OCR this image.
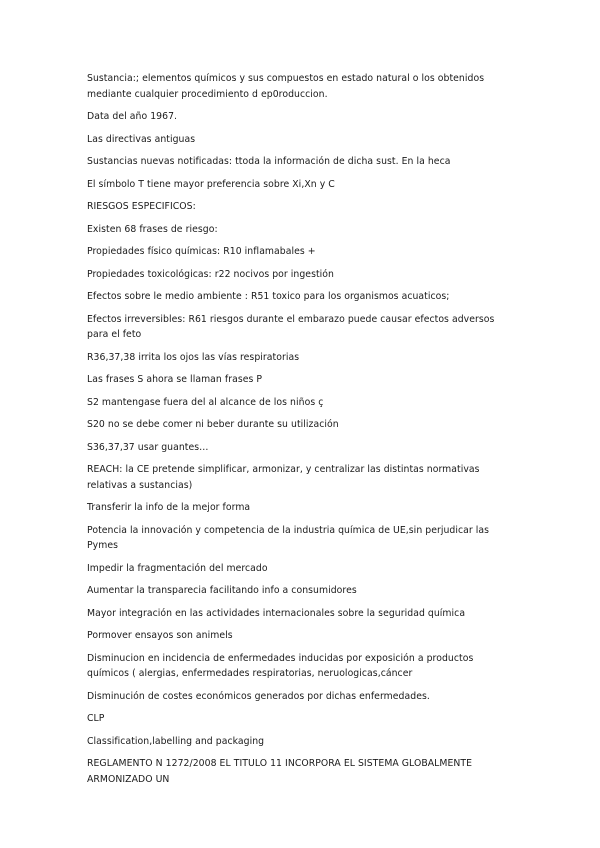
Sustancia:; elementos químicos y sus compuestos en estado natural o los obtenidos mediante cualquier procedimiento d ep0roduccion.

Data del año 1967.

Las directivas antiguas

Sustancias nuevas notificadas: ttoda la información de dicha sust. En la heca

El símbolo T tiene mayor preferencia sobre Xi,Xn y C

RIESGOS ESPECIFICOS:

Existen 68 frases de riesgo:

Propiedades físico químicas: R10 inflamabales +

Propiedades toxicológicas: r22 nocivos por ingestión

Efectos sobre le medio ambiente : R51 toxico para los organismos acuaticos;

Efectos irreversibles: R61 riesgos durante el embarazo puede causar efectos adversos para el feto

R36,37,38 irrita los ojos las vías respiratorias

Las frases S ahora se llaman frases P

S2 mantengase fuera del al alcance de los niños ç

S20 no se debe comer ni beber durante su utilización

S36,37,37 usar guantes…

REACH: la CE pretende simplificar, armonizar, y centralizar las distintas normativas relativas a sustancias)

Transferir la info de la mejor forma

Potencia la innovación y competencia de la industria química de UE,sin perjudicar las Pymes

Impedir la fragmentación del mercado

Aumentar la transparecia facilitando info a consumidores

Mayor integración en las actividades internacionales sobre la seguridad química

Pormover ensayos son animels

Disminucion en incidencia de enfermedades inducidas por exposición a productos químicos ( alergias, enfermedades respiratorias, neruologicas,cáncer

Disminución de costes económicos generados por dichas enfermedades.

CLP

Classification,labelling and packaging

REGLAMENTO N 1272/2008 EL TITULO 11 INCORPORA EL SISTEMA GLOBALMENTE ARMONIZADO UN
